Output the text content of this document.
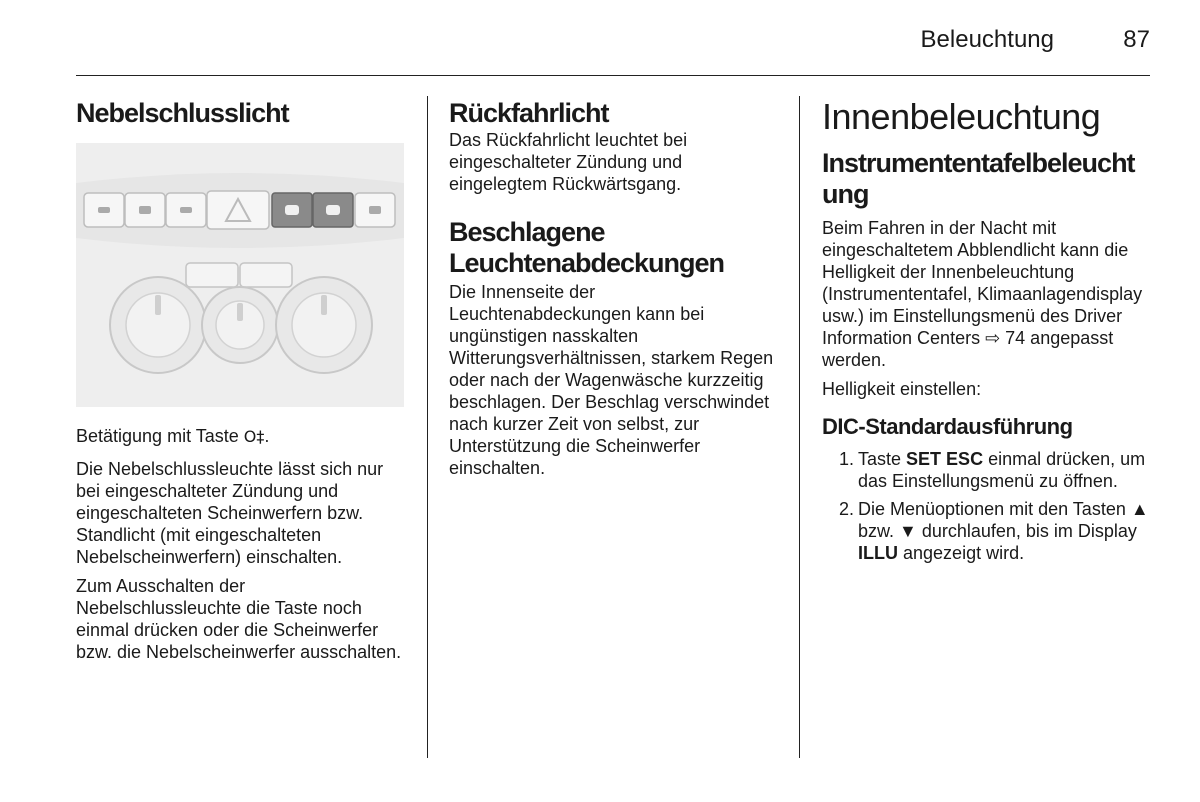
Beleuchtung	87
Nebelschlusslicht

Betätigung mit Taste O‡.

Die Nebelschlussleuchte lässt sich nur bei eingeschalteter Zündung und eingeschalteten Scheinwerfern bzw. Standlicht (mit eingeschalteten Nebelscheinwerfern) einschalten.

Zum Ausschalten der Nebelschlussleuchte die Taste noch einmal drücken oder die Scheinwerfer bzw. die Nebelscheinwerfer ausschalten.

Rückfahrlicht

Das Rückfahrlicht leuchtet bei eingeschalteter Zündung und eingelegtem Rückwärtsgang.

Beschlagene Leuchtenabdeckungen

Die Innenseite der Leuchtenabdeckungen kann bei ungünstigen nasskalten Witterungsverhältnissen, starkem Regen oder nach der Wagenwäsche kurzzeitig beschlagen. Der Beschlag verschwindet nach kurzer Zeit von selbst, zur Unterstützung die Scheinwerfer einschalten.

Innenbeleuchtung
Instrumententafelbeleuchtung

Beim Fahren in der Nacht mit eingeschaltetem Abblendlicht kann die Helligkeit der Innenbeleuchtung (Instrumententafel, Klimaanlagendisplay usw.) im Einstellungsmenü des Driver Information Centers ⇨ 74 angepasst werden.

Helligkeit einstellen:

DIC-Standardausführung
1. Taste SET ESC einmal drücken, um das Einstellungsmenü zu öffnen.
2. Die Menüoptionen mit den Tasten ▲ bzw. ▼ durchlaufen, bis im Display ILLU angezeigt wird.
